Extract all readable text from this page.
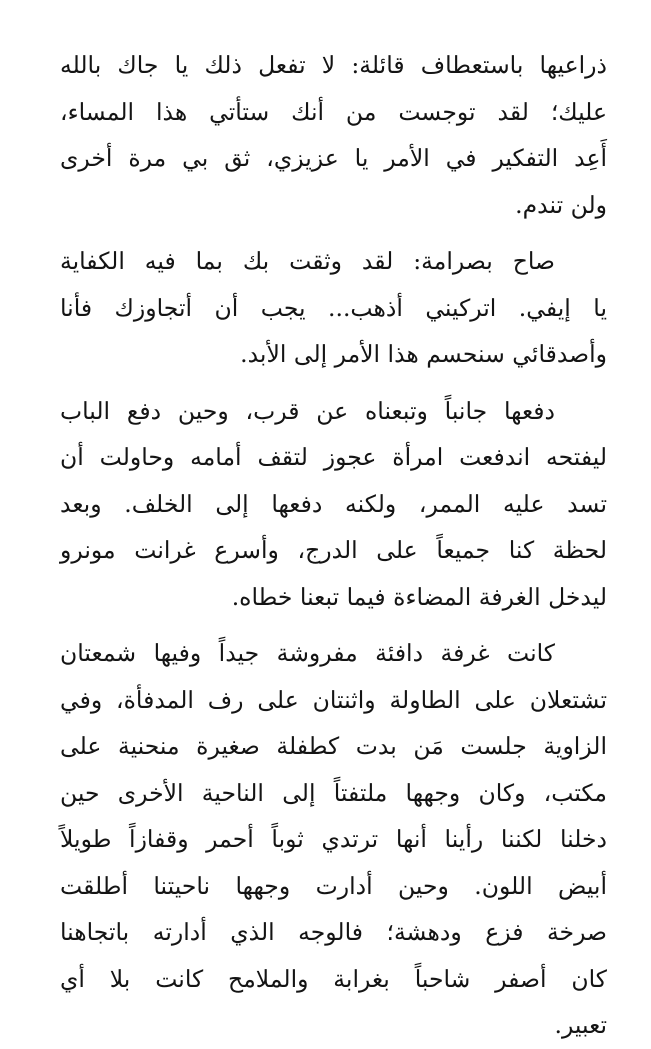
ذراعيها باستعطاف قائلة: لا تفعل ذلك يا جاك بالله
عليك؛ لقد توجست من أنك ستأتي هذا المساء،
أَعِد التفكير في الأمر يا عزيزي، ثق بي مرة أخرى
ولن تندم.

صاح بصرامة: لقد وثقت بك بما فيه الكفاية
يا إيفي. اتركيني أذهب... يجب أن أتجاوزك فأنا
وأصدقائي سنحسم هذا الأمر إلى الأبد.

دفعها جانباً وتبعناه عن قرب، وحين دفع الباب
ليفتحه اندفعت امرأة عجوز لتقف أمامه وحاولت أن
تسد عليه الممر، ولكنه دفعها إلى الخلف. وبعد
لحظة كنا جميعاً على الدرج، وأسرع غرانت مونرو
ليدخل الغرفة المضاءة فيما تبعنا خطاه.

كانت غرفة دافئة مفروشة جيداً وفيها شمعتان
تشتعلان على الطاولة واثنتان على رف المدفأة، وفي
الزاوية جلست مَن بدت كطفلة صغيرة منحنية على
مكتب، وكان وجهها ملتفتاً إلى الناحية الأخرى حين
دخلنا لكننا رأينا أنها ترتدي ثوباً أحمر وقفازاً طويلاً
أبيض اللون. وحين أدارت وجهها ناحيتنا أطلقت
صرخة فزع ودهشة؛ فالوجه الذي أدارته باتجاهنا
كان أصفر شاحباً بغرابة والملامح كانت بلا أي
تعبير.
